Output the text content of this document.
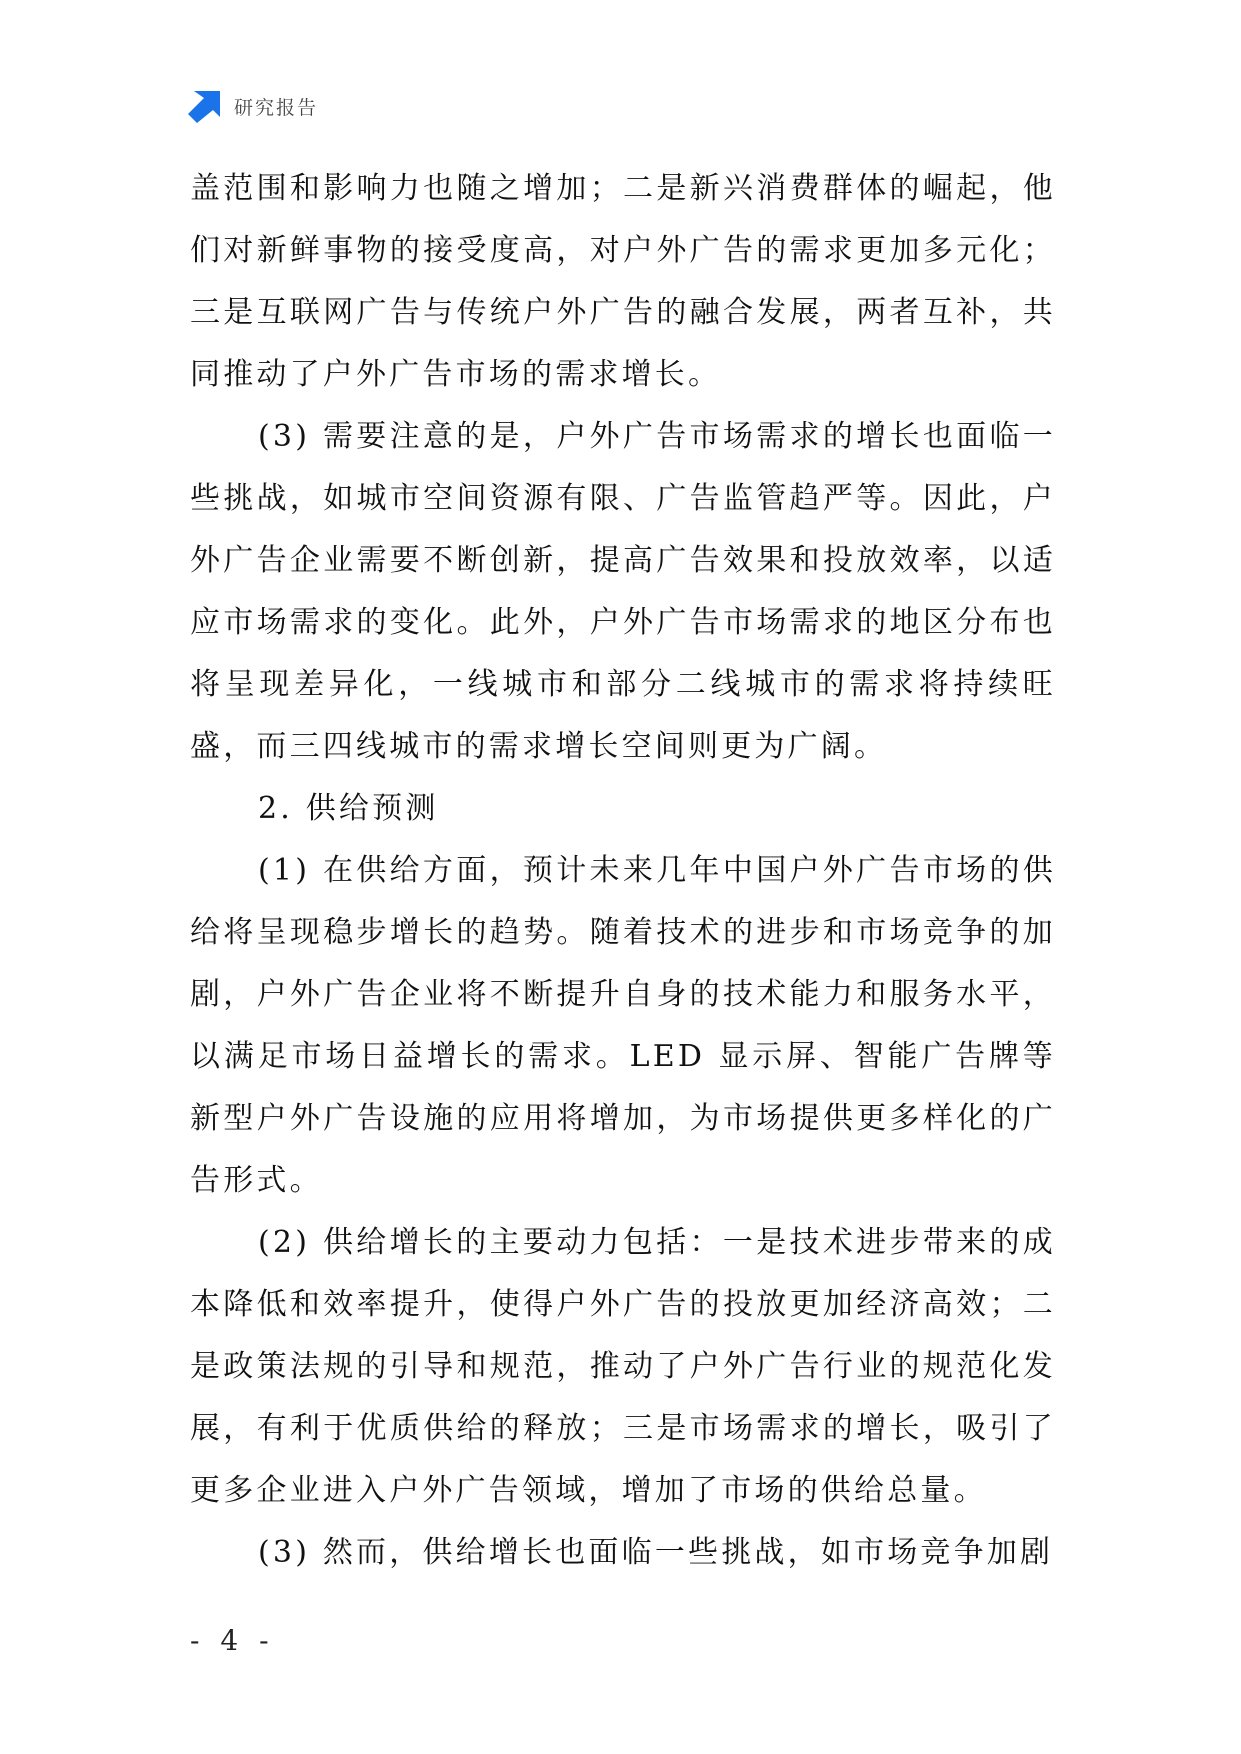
研究报告

盖范围和影响力也随之增加；二是新兴消费群体的崛起，他们对新鲜事物的接受度高，对户外广告的需求更加多元化；三是互联网广告与传统户外广告的融合发展，两者互补，共同推动了户外广告市场的需求增长。

(3) 需要注意的是，户外广告市场需求的增长也面临一些挑战，如城市空间资源有限、广告监管趋严等。因此，户外广告企业需要不断创新，提高广告效果和投放效率，以适应市场需求的变化。此外，户外广告市场需求的地区分布也将呈现差异化，一线城市和部分二线城市的需求将持续旺盛，而三四线城市的需求增长空间则更为广阔。

2. 供给预测

(1) 在供给方面，预计未来几年中国户外广告市场的供给将呈现稳步增长的趋势。随着技术的进步和市场竞争的加剧，户外广告企业将不断提升自身的技术能力和服务水平，以满足市场日益增长的需求。LED 显示屏、智能广告牌等新型户外广告设施的应用将增加，为市场提供更多样化的广告形式。

(2) 供给增长的主要动力包括：一是技术进步带来的成本降低和效率提升，使得户外广告的投放更加经济高效；二是政策法规的引导和规范，推动了户外广告行业的规范化发展，有利于优质供给的释放；三是市场需求的增长，吸引了更多企业进入户外广告领域，增加了市场的供给总量。

(3) 然而，供给增长也面临一些挑战，如市场竞争加剧

- 4 -
